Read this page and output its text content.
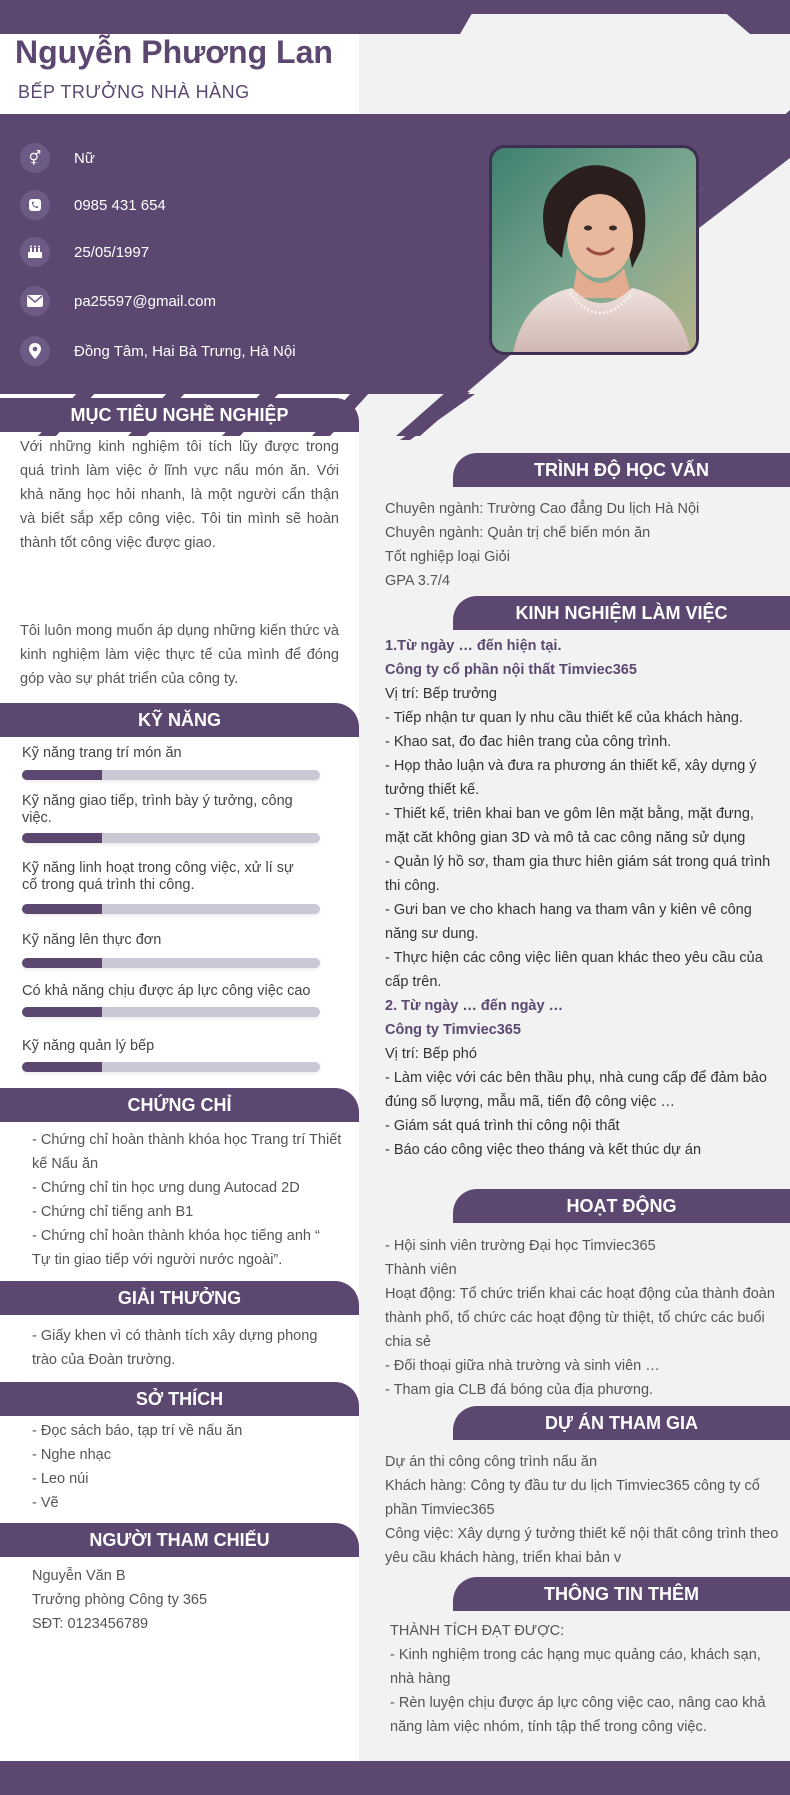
Nguyễn Phương Lan
BẾP TRƯỞNG NHÀ HÀNG
⚥	Nữ
0985 431 654
25/05/1997
pa25597@gmail.com
Đồng Tâm, Hai Bà Trưng, Hà Nội
MỤC TIÊU NGHỀ NGHIỆP
Với những kinh nghiệm tôi tích lũy được trong quá trình làm việc ở lĩnh vực nấu món ăn. Với khả năng học hỏi nhanh, là một người cẩn thận và biết sắp xếp công việc. Tôi tin mình sẽ hoàn thành tốt công việc được giao.
Tôi luôn mong muốn áp dụng những kiến thức và kinh nghiệm làm việc thực tế của mình để đóng góp vào sự phát triển của công ty.
KỸ NĂNG
Kỹ năng trang trí món ăn
Kỹ năng giao tiếp, trình bày ý tưởng, công việc.
Kỹ năng linh hoạt trong công việc, xử lí sự cố trong quá trình thi công.
Kỹ năng lên thực đơn
Có khả năng chịu được áp lực công việc cao
Kỹ năng quản lý bếp
CHỨNG CHỈ
- Chứng chỉ hoàn thành khóa học Trang trí Thiết kế Nấu ăn
- Chứng chỉ tin học ưng dung Autocad 2D
- Chứng chỉ tiếng anh B1
- Chứng chỉ hoàn thành khóa học tiếng anh “ Tự tin giao tiếp với người nước ngoài”.
GIẢI THƯỞNG
- Giấy khen vì có thành tích xây dựng phong trào của Đoàn trường.
SỞ THÍCH
- Đọc sách báo, tạp trí về nấu ăn
- Nghe nhạc
- Leo núi
- Vẽ
NGƯỜI THAM CHIẾU
Nguyễn Văn B
Trưởng phòng Công ty 365
SĐT: 0123456789
TRÌNH ĐỘ HỌC VẤN
Chuyên ngành: Trường Cao đẳng Du lịch Hà Nội
Chuyên ngành: Quản trị chế biến món ăn
Tốt nghiệp loại Giỏi
GPA 3.7/4
KINH NGHIỆM LÀM VIỆC
1.Từ ngày … đến hiện tại.
Công ty cổ phần nội thất Timviec365
Vị trí: Bếp trưởng
- Tiếp nhận tư quan ly nhu cầu thiết kế của khách hàng.
- Khao sat, đo đac hiên trang của công trình.
- Họp thảo luận và đưa ra phương án thiết kế, xây dựng ý tưởng thiết kế.
- Thiết kế, triên khai ban ve gôm lên mặt bằng, mặt đưng, mặt căt không gian 3D và mô tả cac công năng sử dụng
- Quản lý hồ sơ, tham gia thưc hiên giám sát trong quá trình thi công.
- Gưi ban ve cho khach hang va tham vân y kiên vê công năng sư dung.
- Thực hiện các công việc liên quan khác theo yêu cầu của cấp trên.
2. Từ ngày … đến ngày …
Công ty Timviec365
Vị trí: Bếp phó
- Làm việc với các bên thầu phụ, nhà cung cấp để đảm bảo đúng số lượng, mẫu mã, tiến độ công việc …
- Giám sát quá trình thi công nội thất
- Báo cáo công việc theo tháng và kết thúc dự án
HOẠT ĐỘNG
- Hội sinh viên trường Đại học Timviec365
Thành viên
Hoạt động: Tổ chức triển khai các hoạt động của thành đoàn thành phố, tổ chức các hoạt động từ thiệt, tổ chức các buổi chia sẻ
- Đối thoại giữa nhà trường và sinh viên …
- Tham gia CLB đá bóng của địa phương.
DỰ ÁN THAM GIA
Dự án thi công công trình nấu ăn
Khách hàng: Công ty đầu tư du lịch Timviec365 công ty cổ phần Timviec365
Công việc: Xây dựng ý tưởng thiết kế nội thất công trình theo yêu cầu khách hàng, triển khai bản v
THÔNG TIN THÊM
THÀNH TÍCH ĐẠT ĐƯỢC:
- Kinh nghiệm trong các hạng mục quảng cáo, khách sạn, nhà hàng
- Rèn luyện chịu được áp lực công việc cao, nâng cao khả năng làm việc nhóm, tính tập thể trong công việc.
